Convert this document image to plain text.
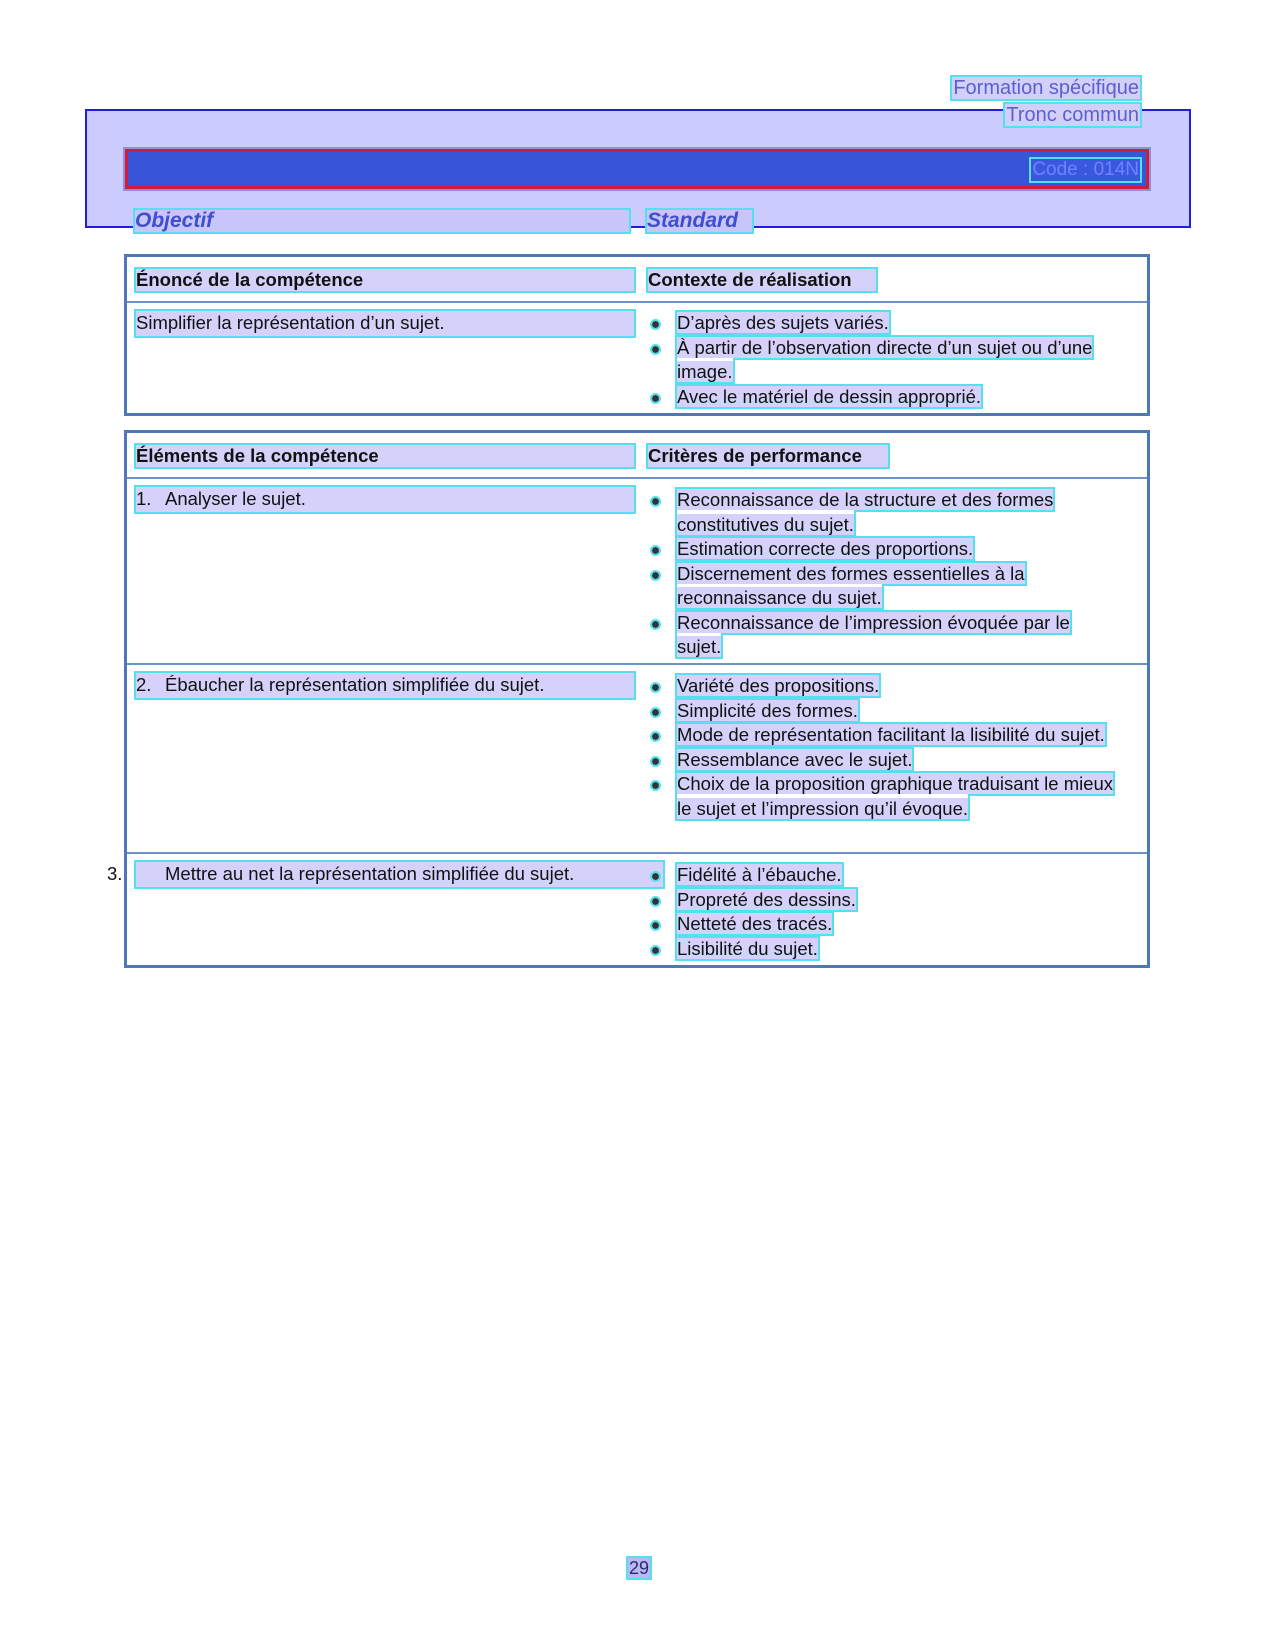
Formation spécifique
Tronc commun
Code : 014N
Objectif	Standard
Énoncé de la compétence	Contexte de réalisation
Simplifier la représentation d’un sujet.	D’après des sujets variés.
À partir de l’observation directe d’un sujet ou d’une image.
Avec le matériel de dessin approprié.
Éléments de la compétence	Critères de performance
1. Analyser le sujet.	Reconnaissance de la structure et des formes constitutives du sujet.
Estimation correcte des proportions.
Discernement des formes essentielles à la reconnaissance du sujet.
Reconnaissance de l’impression évoquée par le sujet.
2. Ébaucher la représentation simplifiée du sujet.	Variété des propositions.
Simplicité des formes.
Mode de représentation facilitant la lisibilité du sujet.
Ressemblance avec le sujet.
Choix de la proposition graphique traduisant le mieux le sujet et l’impression qu’il évoque.
3. Mettre au net la représentation simplifiée du sujet.	Fidélité à l’ébauche.
Propreté des dessins.
Netteté des tracés.
Lisibilité du sujet.
29
